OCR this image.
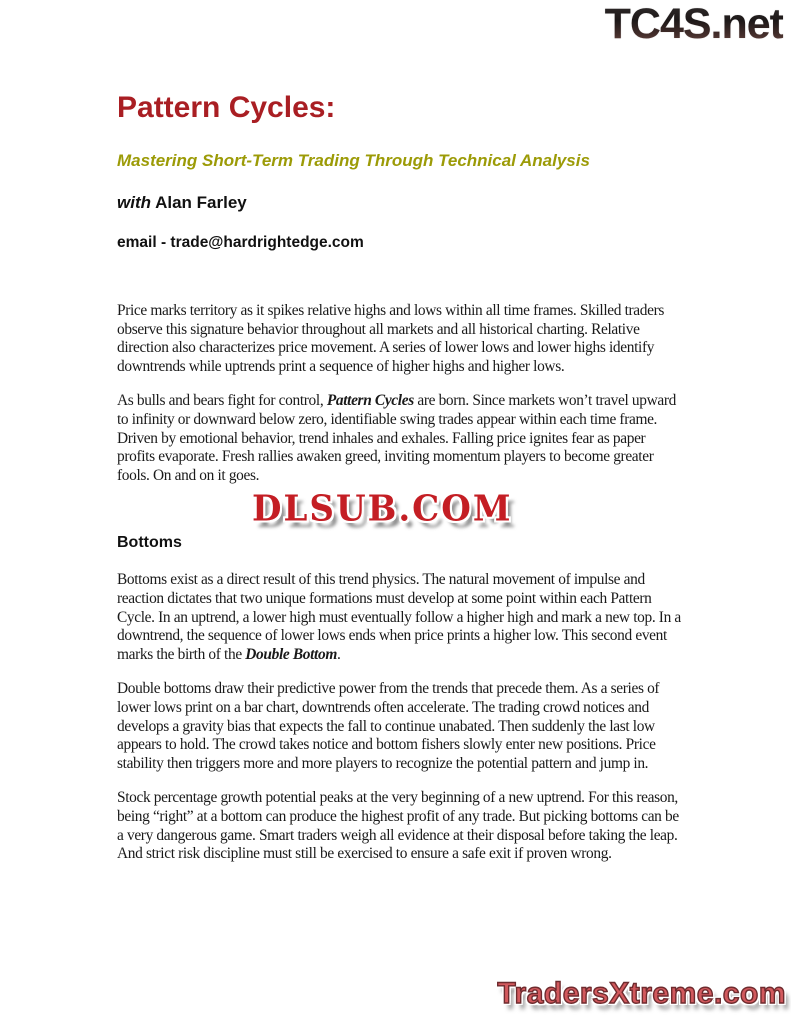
TC4S.net
Pattern Cycles:
Mastering Short-Term Trading Through Technical Analysis

with Alan Farley

email - trade@hardrightedge.com

Price marks territory as it spikes relative highs and lows within all time frames. Skilled traders observe this signature behavior throughout all markets and all historical charting. Relative direction also characterizes price movement. A series of lower lows and lower highs identify downtrends while uptrends print a sequence of higher highs and higher lows.

As bulls and bears fight for control, Pattern Cycles are born. Since markets won’t travel upward to infinity or downward below zero, identifiable swing trades appear within each time frame. Driven by emotional behavior, trend inhales and exhales. Falling price ignites fear as paper profits evaporate. Fresh rallies awaken greed, inviting momentum players to become greater fools. On and on it goes.

Bottoms

Bottoms exist as a direct result of this trend physics. The natural movement of impulse and reaction dictates that two unique formations must develop at some point within each Pattern Cycle. In an uptrend, a lower high must eventually follow a higher high and mark a new top. In a downtrend, the sequence of lower lows ends when price prints a higher low. This second event marks the birth of the Double Bottom.

Double bottoms draw their predictive power from the trends that precede them. As a series of lower lows print on a bar chart, downtrends often accelerate. The trading crowd notices and develops a gravity bias that expects the fall to continue unabated. Then suddenly the last low appears to hold. The crowd takes notice and bottom fishers slowly enter new positions. Price stability then triggers more and more players to recognize the potential pattern and jump in.

Stock percentage growth potential peaks at the very beginning of a new uptrend. For this reason, being “right” at a bottom can produce the highest profit of any trade. But picking bottoms can be a very dangerous game. Smart traders weigh all evidence at their disposal before taking the leap. And strict risk discipline must still be exercised to ensure a safe exit if proven wrong.

DLSUB.COM
TradersXtreme.com
